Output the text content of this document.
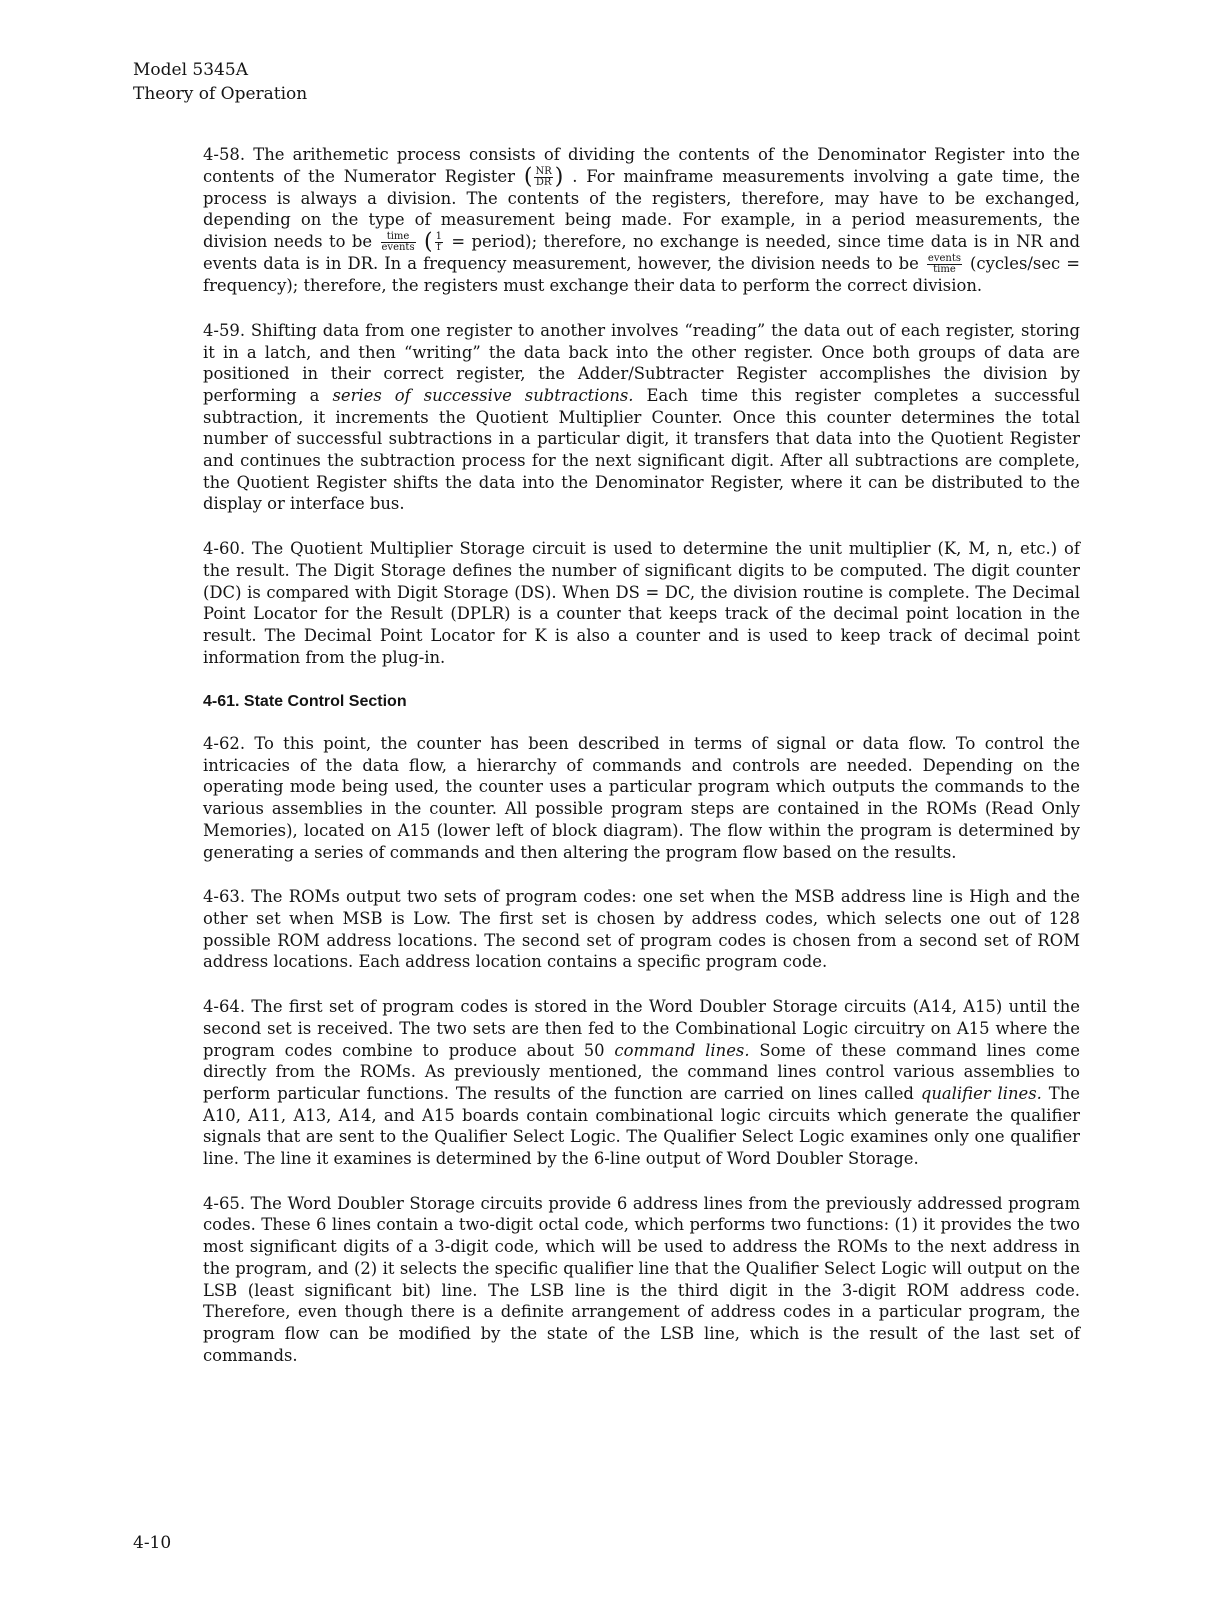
Model 5345A
Theory of Operation

4-58. The arithemetic process consists of dividing the contents of the Denominator Register into the contents of the Numerator Register ( $\frac{NR}{DR}$ ) . For mainframe measurements involving a gate time, the process is always a division. The contents of the registers, therefore, may have to be exchanged, depending on the type of measurement being made. For example, in a period measurements, the division needs to be $\frac{\text{time}}{\text{events}}$ ( $\frac{1}{f}$ = period); therefore, no exchange is needed, since time data is in NR and events data is in DR. In a frequency measurement, however, the division needs to be $\frac{\text{events}}{\text{time}}$ (cycles/sec = frequency); therefore, the registers must exchange their data to perform the correct division.

4-59. Shifting data from one register to another involves “reading” the data out of each register, storing it in a latch, and then “writing” the data back into the other register. Once both groups of data are positioned in their correct register, the Adder/Subtracter Register accomplishes the division by performing a series of successive subtractions. Each time this register completes a successful subtraction, it increments the Quotient Multiplier Counter. Once this counter determines the total number of successful subtractions in a particular digit, it transfers that data into the Quotient Register and continues the subtraction process for the next significant digit. After all subtractions are complete, the Quotient Register shifts the data into the Denominator Register, where it can be distributed to the display or interface bus.

4-60. The Quotient Multiplier Storage circuit is used to determine the unit multiplier (K, M, n, etc.) of the result. The Digit Storage defines the number of significant digits to be computed. The digit counter (DC) is compared with Digit Storage (DS). When DS = DC, the division routine is complete. The Decimal Point Locator for the Result (DPLR) is a counter that keeps track of the decimal point location in the result. The Decimal Point Locator for K is also a counter and is used to keep track of decimal point information from the plug-in.

4-61. State Control Section

4-62. To this point, the counter has been described in terms of signal or data flow. To control the intricacies of the data flow, a hierarchy of commands and controls are needed. Depending on the operating mode being used, the counter uses a particular program which outputs the commands to the various assemblies in the counter. All possible program steps are contained in the ROMs (Read Only Memories), located on A15 (lower left of block diagram). The flow within the program is determined by generating a series of commands and then altering the program flow based on the results.

4-63. The ROMs output two sets of program codes: one set when the MSB address line is High and the other set when MSB is Low. The first set is chosen by address codes, which selects one out of 128 possible ROM address locations. The second set of program codes is chosen from a second set of ROM address locations. Each address location contains a specific program code.

4-64. The first set of program codes is stored in the Word Doubler Storage circuits (A14, A15) until the second set is received. The two sets are then fed to the Combinational Logic circuitry on A15 where the program codes combine to produce about 50 command lines. Some of these command lines come directly from the ROMs. As previously mentioned, the command lines control various assemblies to perform particular functions. The results of the function are carried on lines called qualifier lines. The A10, A11, A13, A14, and A15 boards contain combinational logic circuits which generate the qualifier signals that are sent to the Qualifier Select Logic. The Qualifier Select Logic examines only one qualifier line. The line it examines is determined by the 6-line output of Word Doubler Storage.

4-65. The Word Doubler Storage circuits provide 6 address lines from the previously addressed program codes. These 6 lines contain a two-digit octal code, which performs two functions: (1) it provides the two most significant digits of a 3-digit code, which will be used to address the ROMs to the next address in the program, and (2) it selects the specific qualifier line that the Qualifier Select Logic will output on the LSB (least significant bit) line. The LSB line is the third digit in the 3-digit ROM address code. Therefore, even though there is a definite arrangement of address codes in a particular program, the program flow can be modified by the state of the LSB line, which is the result of the last set of commands.

4-10
